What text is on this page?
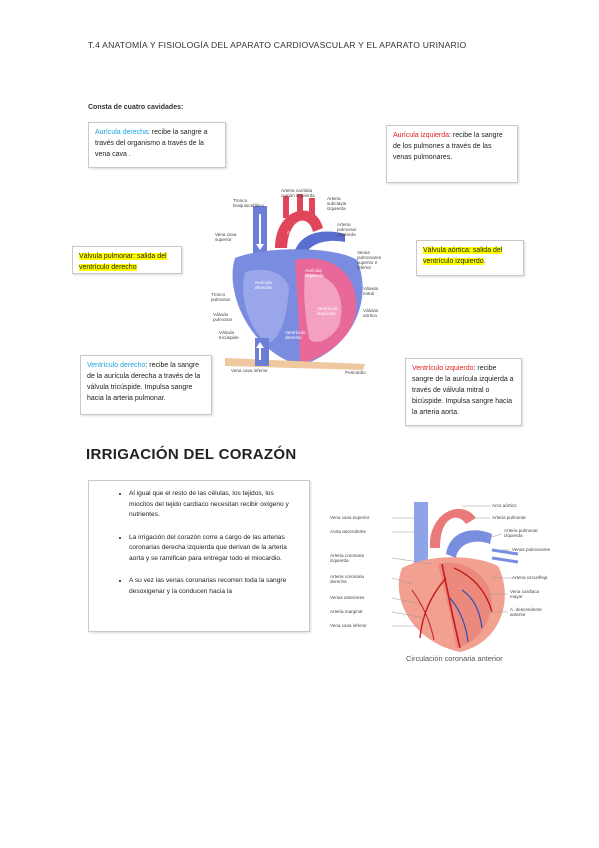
T.4 ANATOMÍA Y FISIOLOGÍA DEL APARATO CARDIOVASCULAR Y EL APARATO URINARIO
Consta de cuatro cavidades:
Aurícula derecha: recibe la sangre a través del organismo a través de la vena cava .
Aurícula izquierda: recibe la sangre de los pulmones a través de las venas pulmonares.
Válvula pulmonar: salida del ventrículo derecho
Válvula aórtica: salida del ventrículo izquierdo.
Ventrículo derecho: recibe la sangre de la aurícula derecha a través de la válvula tricúspide. Impulsa sangre hacia la arteria pulmonar.
Ventrículo izquierdo: recibe sangre de la aurícula izquierda a través de válvula mitral o bicúspide. Impulsa sangre hacia la arteria aorta.
Tronco
braquiocefálico
Arteria carótida
común izquierda
Arteria
subclavia
izquierda
Vena cava
superior
Aorta
Arteria
pulmonar
izquierda
Venas
pulmonares
superior e
inferior
Aurícula
derecha	Válvula
mitral
Tronco
pulmonar
Válvula
pulmonar
Válvula
aórtica
Válvula
tricúspide
Ventrículo
derecho
Vena cava inferior	Pericardio
Aurícula
izquierda
Ventrículo
izquierdo
IRRIGACIÓN DEL CORAZÓN
• Al igual que el resto de las células, los tejidos, los miocitos del tejido cardíaco necesitan recibir oxígeno y nutrientes.
• La irrigación del corazón corre a cargo de las arterias coronarias derecha izquierda que derivan de la arteria aorta y se ramifican para entregar todo el miocardio.
• A su vez las venas coronarias recorren toda la sangre desoxigenar y la conducen hacia la
Vena cava superior
Aorta ascendente
Arteria coronaria
izquierda
Arteria coronaria
derecha
Venas anteriores
Arteria marginal
Vena cava inferior
Arco aórtico
Arteria pulmonar
Arteria pulmonar
izquierda
Venas pulmonares
Arteria circunfleja
Vena cardiaca
mayor
A. descendente
anterior
Circulación coronaria anterior
